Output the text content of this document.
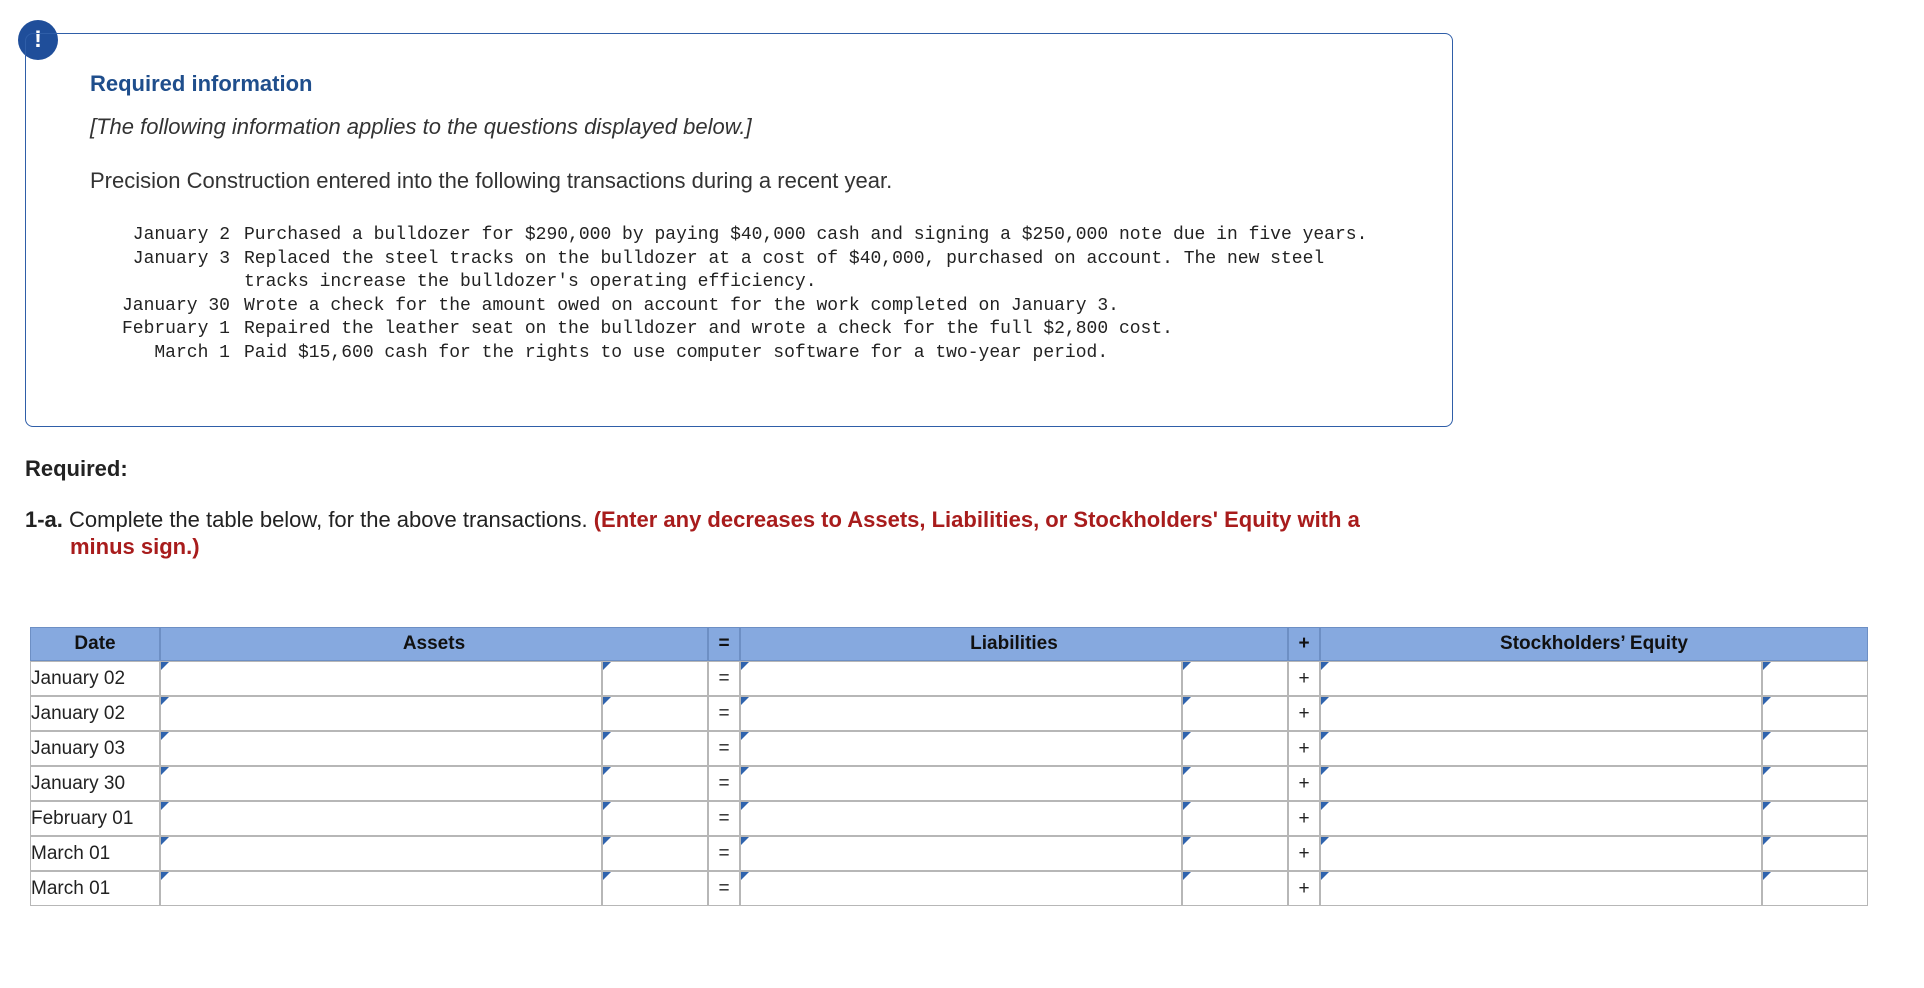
!
Required information
[The following information applies to the questions displayed below.]
Precision Construction entered into the following transactions during a recent year.
January 2 Purchased a bulldozer for $290,000 by paying $40,000 cash and signing a $250,000 note due in five years.
January 3 Replaced the steel tracks on the bulldozer at a cost of $40,000, purchased on account. The new steel tracks increase the bulldozer's operating efficiency.
January 30 Wrote a check for the amount owed on account for the work completed on January 3.
February 1 Repaired the leather seat on the bulldozer and wrote a check for the full $2,800 cost.
March 1 Paid $15,600 cash for the rights to use computer software for a two-year period.
Required:
1-a. Complete the table below, for the above transactions. (Enter any decreases to Assets, Liabilities, or Stockholders' Equity with a
minus sign.)
Date	Assets		=	Liabilities		+	Stockholders’ Equity	
January 02			=			+		
January 02			=			+		
January 03			=			+		
January 30			=			+		
February 01			=			+		
March 01			=			+		
March 01			=			+		
